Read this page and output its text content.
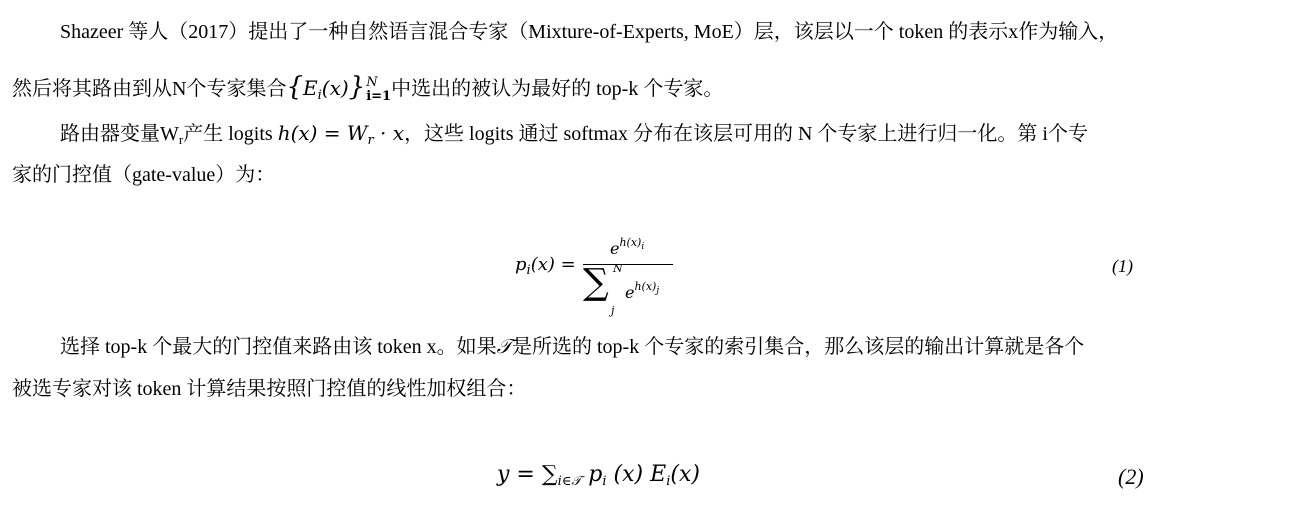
Shazeer 等人（2017）提出了一种自然语言混合专家（Mixture-of-Experts, MoE）层，该层以一个 token 的表示x作为输入，
然后将其路由到从N个专家集合$\{E_i(x)\}$ N
i=1 中选出的被认为最好的 top-k 个专家。
路由器变量$W_r$产生 logits $h(x) = W_r \cdot x$，这些 logits 通过 softmax 分布在该层可用的 N 个专家上进行归一化。第 i个专
家的门控值（gate-value）为：
$p_i(x)$ =
$e^{h(x)i}$
∑ N
j
$e^{h(x)j}$
(1)
选择 top-k 个最大的门控值来路由该 token x。如果𝒯是所选的 top-k 个专家的索引集合，那么该层的输出计算就是各个
被选专家对该 token 计算结果按照门控值的线性加权组合：
$y = \sum_{i\in 𝒯}$ $p_i$ (x) $E_i(x)$	(2)
